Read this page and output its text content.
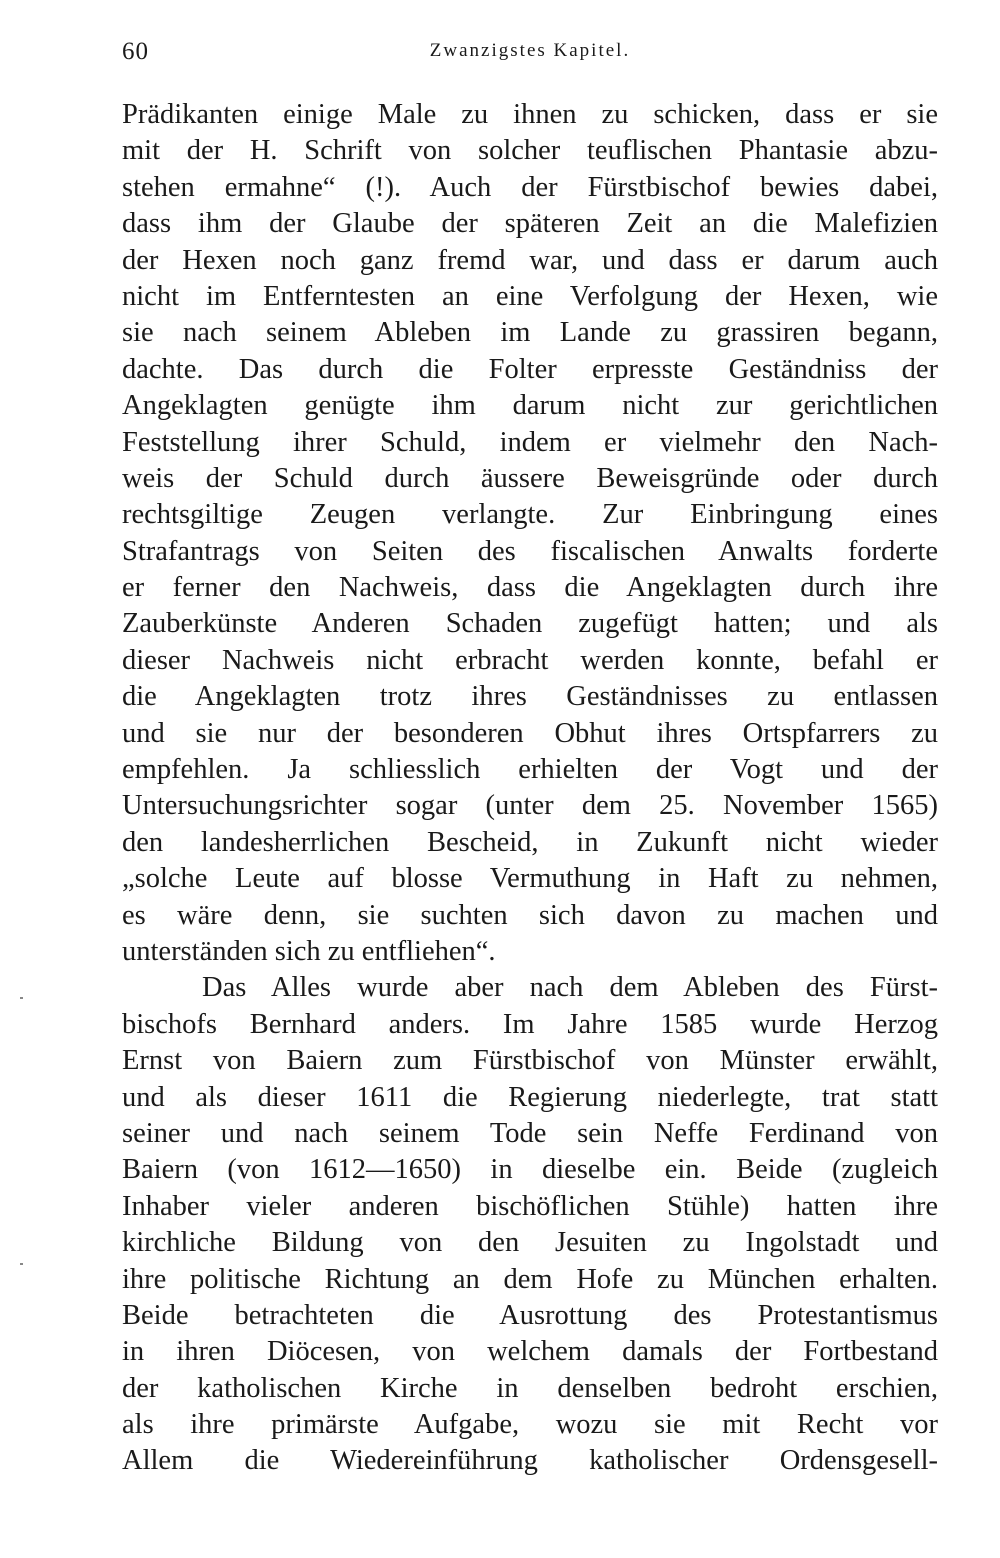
60	Zwanzigstes Kapitel.
Prädikanten einige Male zu ihnen zu schicken, dass er sie
mit der H. Schrift von solcher teuflischen Phantasie abzu-
stehen ermahne“ (!). Auch der Fürstbischof bewies dabei,
dass ihm der Glaube der späteren Zeit an die Malefizien
der Hexen noch ganz fremd war, und dass er darum auch
nicht im Entferntesten an eine Verfolgung der Hexen, wie
sie nach seinem Ableben im Lande zu grassiren begann,
dachte. Das durch die Folter erpresste Geständniss der
Angeklagten genügte ihm darum nicht zur gerichtlichen
Feststellung ihrer Schuld, indem er vielmehr den Nach-
weis der Schuld durch äussere Beweisgründe oder durch
rechtsgiltige Zeugen verlangte. Zur Einbringung eines
Strafantrags von Seiten des fiscalischen Anwalts forderte
er ferner den Nachweis, dass die Angeklagten durch ihre
Zauberkünste Anderen Schaden zugefügt hatten; und als
dieser Nachweis nicht erbracht werden konnte, befahl er
die Angeklagten trotz ihres Geständnisses zu entlassen
und sie nur der besonderen Obhut ihres Ortspfarrers zu
empfehlen. Ja schliesslich erhielten der Vogt und der
Untersuchungsrichter sogar (unter dem 25. November 1565)
den landesherrlichen Bescheid, in Zukunft nicht wieder
„solche Leute auf blosse Vermuthung in Haft zu nehmen,
es wäre denn, sie suchten sich davon zu machen und
unterständen sich zu entfliehen“.
Das Alles wurde aber nach dem Ableben des Fürst-
bischofs Bernhard anders. Im Jahre 1585 wurde Herzog
Ernst von Baiern zum Fürstbischof von Münster erwählt,
und als dieser 1611 die Regierung niederlegte, trat statt
seiner und nach seinem Tode sein Neffe Ferdinand von
Baiern (von 1612—1650) in dieselbe ein. Beide (zugleich
Inhaber vieler anderen bischöflichen Stühle) hatten ihre
kirchliche Bildung von den Jesuiten zu Ingolstadt und
ihre politische Richtung an dem Hofe zu München erhalten.
Beide betrachteten die Ausrottung des Protestantismus
in ihren Diöcesen, von welchem damals der Fortbestand
der katholischen Kirche in denselben bedroht erschien,
als ihre primärste Aufgabe, wozu sie mit Recht vor
Allem die Wiedereinführung katholischer Ordensgesell-
